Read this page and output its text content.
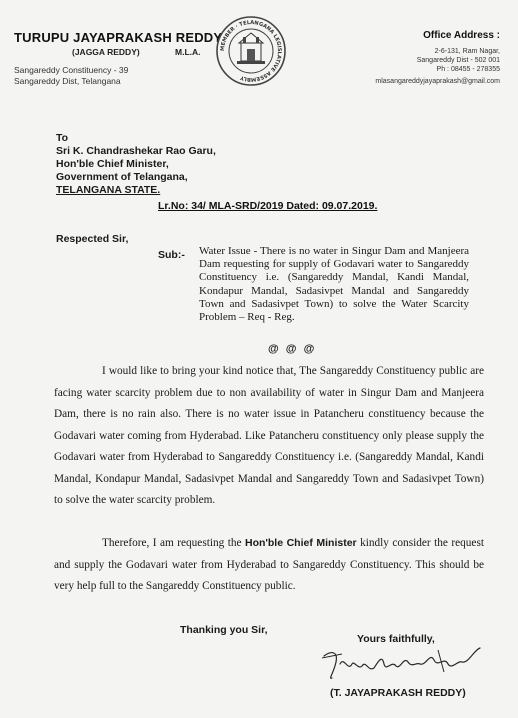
TURUPU JAYAPRAKASH REDDY
(JAGGA REDDY)	M.L.A.
Sangareddy Constituency - 39
Sangareddy Dist, Telangana
MEMBER · TELANGANA LEGISLATIVE ASSEMBLY
Office Address :
2-6-131, Ram Nagar,
Sangareddy Dist - 502 001
Ph : 08455 - 278355
mlasangareddyjayaprakash@gmail.com
To
Sri K. Chandrashekar Rao Garu,
Hon'ble Chief Minister,
Government of Telangana,
TELANGANA STATE.
Lr.No: 34/ MLA-SRD/2019 Dated: 09.07.2019.
Respected Sir,
Sub:- Water Issue - There is no water in Singur Dam and Manjeera Dam requesting for supply of Godavari water to Sangareddy Constituency i.e. (Sangareddy Mandal, Kandi Mandal, Kondapur Mandal, Sadasivpet Mandal and Sangareddy Town and Sadasivpet Town) to solve the Water Scarcity Problem – Req - Reg.
@ @ @
I would like to bring your kind notice that, The Sangareddy Constituency public are facing water scarcity problem due to non availability of water in Singur Dam and Manjeera Dam, there is no rain also. There is no water issue in Patancheru constituency because the Godavari water coming from Hyderabad. Like Patancheru constituency only please supply the Godavari water from Hyderabad to Sangareddy Constituency i.e. (Sangareddy Mandal, Kandi Mandal, Kondapur Mandal, Sadasivpet Mandal and Sangareddy Town and Sadasivpet Town) to solve the water scarcity problem.
Therefore, I am requesting the Hon'ble Chief Minister kindly consider the request and supply the Godavari water from Hyderabad to Sangareddy Constituency. This should be very help full to the Sangareddy Constituency public.
Thanking you Sir,
Yours faithfully,
(T. JAYAPRAKASH REDDY)
